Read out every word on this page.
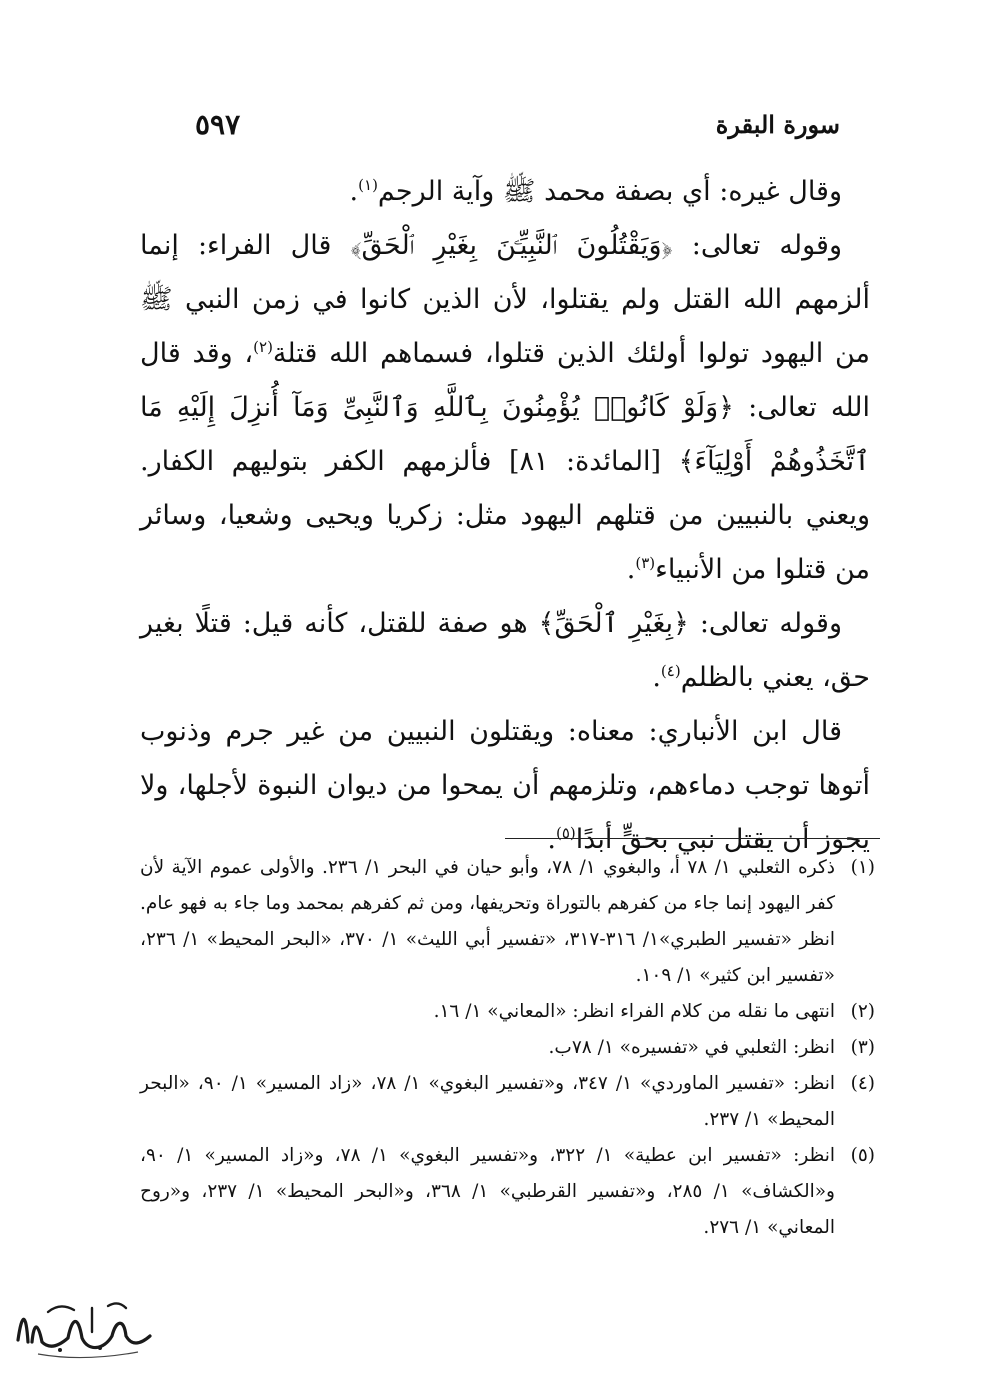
سورة البقرة
٥٩٧

وقال غيره: أي بصفة محمد ﷺ وآية الرجم$^{(١)}$.

وقوله تعالى: ﴿وَيَقْتُلُونَ ٱلنَّبِيِّـۧنَ بِغَيْرِ ٱلْحَقِّ﴾ قال الفراء: إنما ألزمهم الله القتل ولم يقتلوا، لأن الذين كانوا في زمن النبي ﷺ من اليهود تولوا أولئك الذين قتلوا، فسماهم الله قتلة$^{(٢)}$، وقد قال الله تعالى: ﴿وَلَوْ كَانُوا۟ يُؤْمِنُونَ بِٱللَّهِ وَٱلنَّبِىِّ وَمَآ أُنزِلَ إِلَيْهِ مَا ٱتَّخَذُوهُمْ أَوْلِيَآءَ﴾ [المائدة: ٨١] فألزمهم الكفر بتوليهم الكفار. ويعني بالنبيين من قتلهم اليهود مثل: زكريا ويحيى وشعيا، وسائر من قتلوا من الأنبياء$^{(٣)}$.

وقوله تعالى: ﴿بِغَيْرِ ٱلْحَقِّ﴾ هو صفة للقتل، كأنه قيل: قتلًا بغير حق، يعني بالظلم$^{(٤)}$.

قال ابن الأنباري: معناه: ويقتلون النبيين من غير جرم وذنوب أتوها توجب دماءهم، وتلزمهم أن يمحوا من ديوان النبوة لأجلها، ولا يجوز أن يقتل نبي بحقٍّ أبدًا$^{(٥)}$.

(١)
ذكره الثعلبي ١/ ٧٨ أ، والبغوي ١/ ٧٨، وأبو حيان في البحر ١/ ٢٣٦. والأولى عموم الآية لأن كفر اليهود إنما جاء من كفرهم بالتوراة وتحريفها، ومن ثم كفرهم بمحمد وما جاء به فهو عام. انظر «تفسير الطبري»١/ ٣١٦-٣١٧، «تفسير أبي الليث» ١/ ٣٧٠، «البحر المحيط» ١/ ٢٣٦، «تفسير ابن كثير» ١/ ١٠٩.
(٢)
انتهى ما نقله من كلام الفراء انظر: «المعاني» ١/ ١٦.
(٣)
انظر: الثعلبي في «تفسيره» ١/ ٧٨ب.
(٤)
انظر: «تفسير الماوردي» ١/ ٣٤٧، و«تفسير البغوي» ١/ ٧٨، «زاد المسير» ١/ ٩٠، «البحر المحيط» ١/ ٢٣٧.
(٥)
انظر: «تفسير ابن عطية» ١/ ٣٢٢، و«تفسير البغوي» ١/ ٧٨، و«زاد المسير» ١/ ٩٠، و«الكشاف» ١/ ٢٨٥، و«تفسير القرطبي» ١/ ٣٦٨، و«البحر المحيط» ١/ ٢٣٧، و«روح المعاني» ١/ ٢٧٦.
